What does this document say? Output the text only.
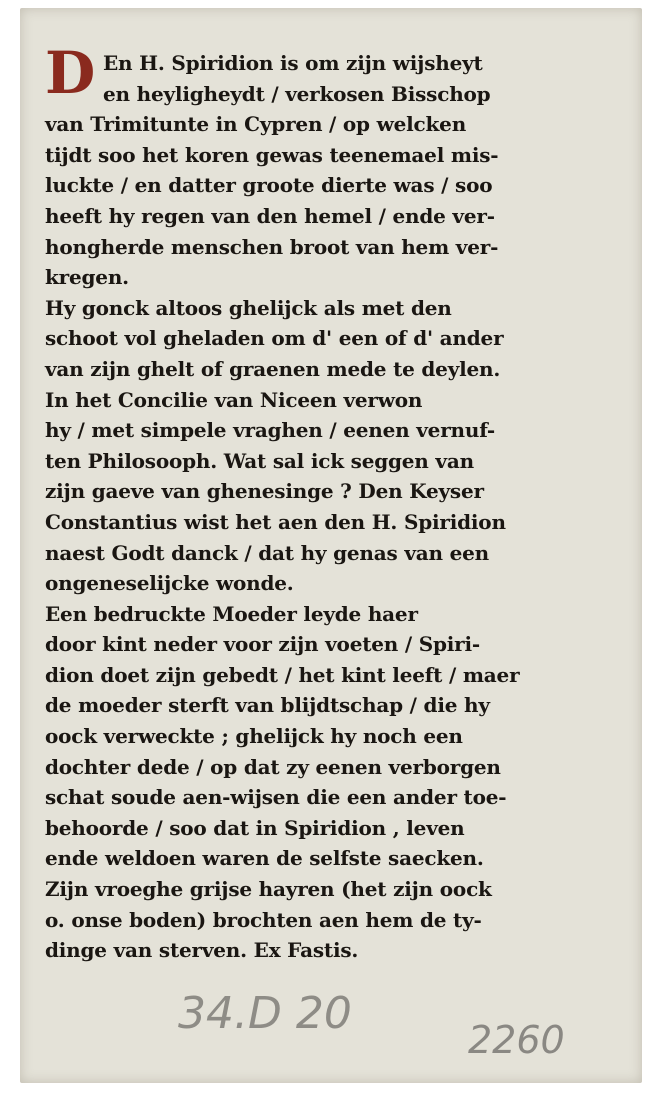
D En H. Spiridion is om zijn wijsheyt
en heyligheydt / verkosen Bisschop
van Trimitunte in Cypren / op welcken
tijdt soo het koren gewas teenemael mis-
luckte / en datter groote dierte was / soo
heeft hy regen van den hemel / ende ver-
hongherde menschen broot van hem ver-
kregen.
Hy gonck altoos ghelijck als met den
schoot vol gheladen om d' een of d' ander
van zijn ghelt of graenen mede te deylen.
In het Concilie van Niceen verwon
hy / met simpele vraghen / eenen vernuf-
ten Philosooph. Wat sal ick seggen van
zijn gaeve van ghenesinge ? Den Keyser
Constantius wist het aen den H. Spiridion
naest Godt danck / dat hy genas van een
ongeneselijcke wonde.
Een bedruckte Moeder leyde haer
door kint neder voor zijn voeten / Spiri-
dion doet zijn gebedt / het kint leeft / maer
de moeder sterft van blijdtschap / die hy
oock verweckte ; ghelijck hy noch een
dochter dede / op dat zy eenen verborgen
schat soude aen-wijsen die een ander toe-
behoorde / soo dat in Spiridion , leven
ende weldoen waren de selfste saecken.
Zijn vroeghe grijse hayren (het zijn oock
o. onse boden) brochten aen hem de ty-
dinge van sterven. Ex Fastis.
34.D 20
2260
